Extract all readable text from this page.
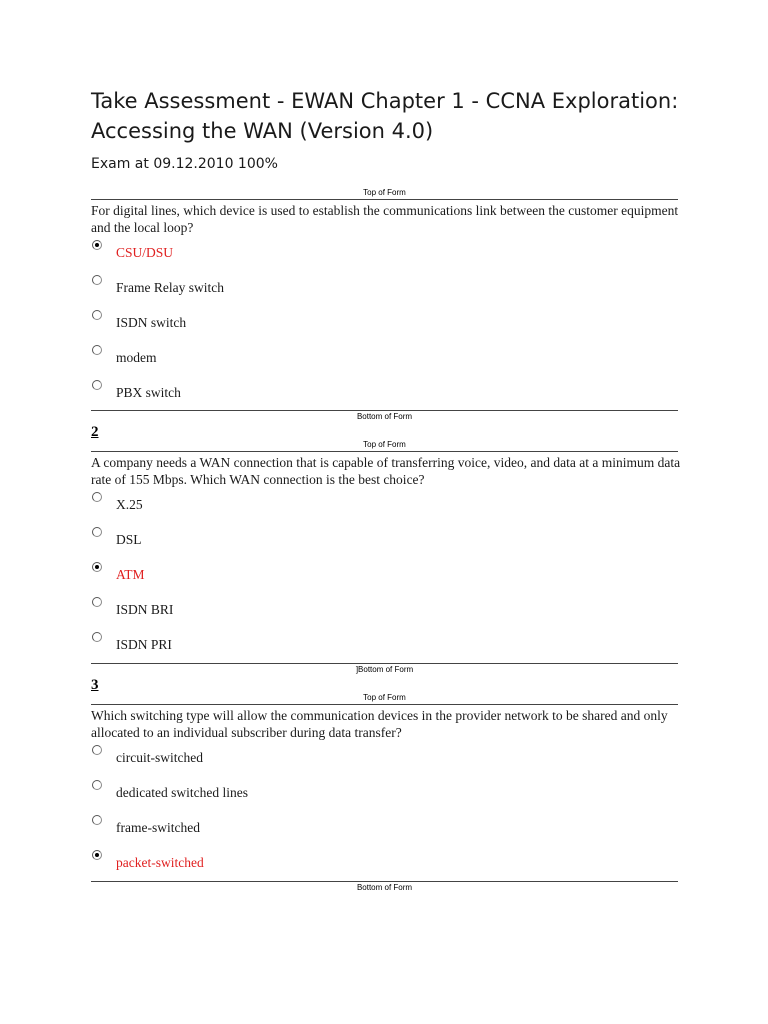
Take Assessment - EWAN Chapter 1 - CCNA Exploration: Accessing the WAN (Version 4.0)
Exam at 09.12.2010 100%
Top of Form
For digital lines, which device is used to establish the communications link between the customer equipment and the local loop?
CSU/DSU
Frame Relay switch
ISDN switch
modem
PBX switch
Bottom of Form
2
Top of Form
A company needs a WAN connection that is capable of transferring voice, video, and data at a minimum data rate of 155 Mbps. Which WAN connection is the best choice?
X.25
DSL
ATM
ISDN BRI
ISDN PRI
]Bottom of Form
3
Top of Form
Which switching type will allow the communication devices in the provider network to be shared and only allocated to an individual subscriber during data transfer?
circuit-switched
dedicated switched lines
frame-switched
packet-switched
Bottom of Form
